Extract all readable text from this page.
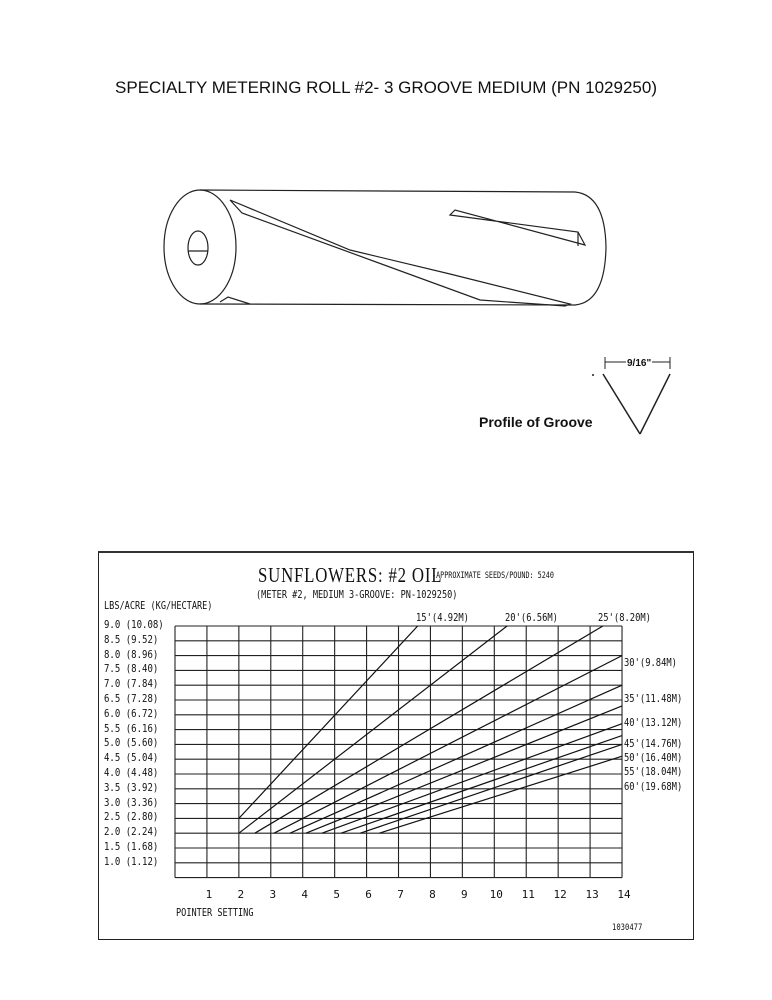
SPECIALTY METERING ROLL #2- 3 GROOVE MEDIUM (PN 1029250)
9/16"
Profile of Groove
SUNFLOWERS: #2 OIL
-APPROXIMATE SEEDS/POUND: 5240
(METER #2, MEDIUM 3-GROOVE: PN-1029250)
LBS/ACRE (KG/HECTARE)
9.0 (10.08)
8.5 (9.52)
8.0 (8.96)
7.5 (8.40)
7.0 (7.84)
6.5 (7.28)
6.0 (6.72)
5.5 (6.16)
5.0 (5.60)
4.5 (5.04)
4.0 (4.48)
3.5 (3.92)
3.0 (3.36)
2.5 (2.80)
2.0 (2.24)
1.5 (1.68)
1.0 (1.12)
1	2	3	4	5	6	7	8	9	10	11	12	13	14
15'(4.92M)	20'(6.56M)	25'(8.20M)
30'(9.84M)
35'(11.48M)
40'(13.12M)
45'(14.76M)
50'(16.40M)
55'(18.04M)
60'(19.68M)
POINTER SETTING
1030477
